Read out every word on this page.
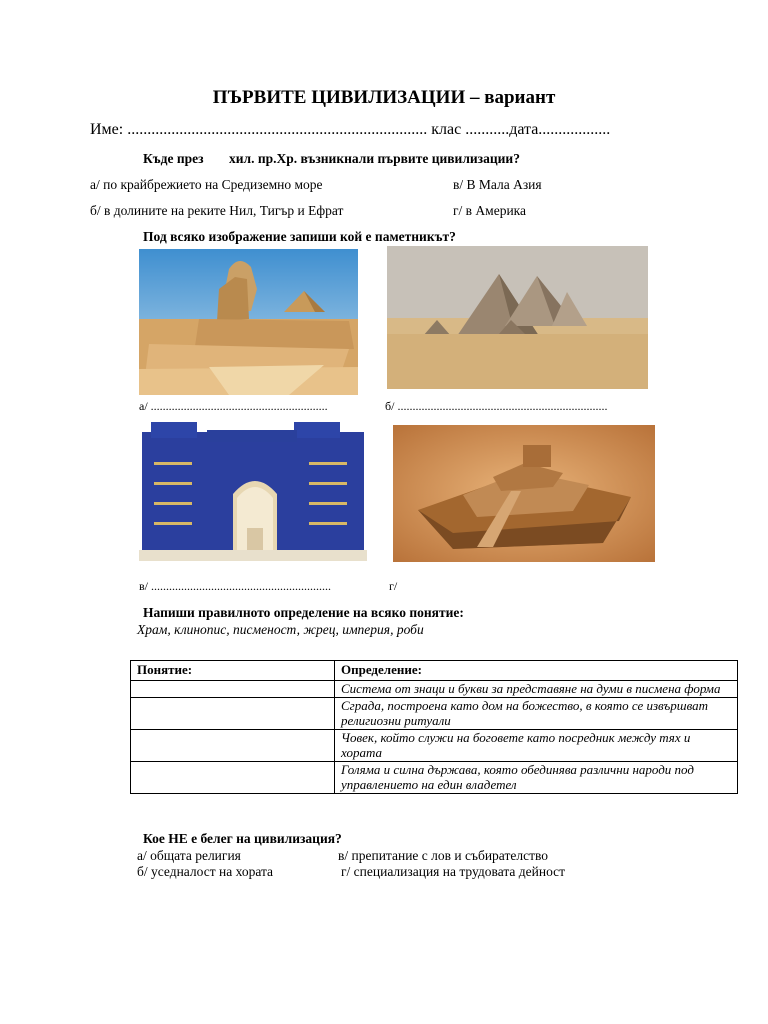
ПЪРВИТЕ ЦИВИЛИЗАЦИИ – вариант
Име: ........................................................................... клас ...........дата..................
Къде през хил. пр.Хр. възникнали първите цивилизации?
а/ по крайбрежието на Средиземно море
б/ в долините на реките Нил, Тигър и Ефрат
в/ В Мала Азия
г/ в Америка
Под всяко изображение запиши кой е паметникът?
а/ ...........................................................	б/ ......................................................................
в/ ............................................................	г/
Напиши правилното определение на всяко понятие:
Храм, клинопис, писменост, жрец, империя, роби
Понятие:	Определение:
	Система от знаци и букви за представяне на думи в писмена форма
	Сграда, построена като дом на божество, в която се извършват религиозни ритуали
	Човек, който служи на боговете като посредник между тях и хората
	Голяма и силна държава, която обединява различни народи под управлението на един владетел
Кое НЕ е белег на цивилизация?
а/ общата религия
б/ уседналост на хората
в/ препитание с лов и събирателство
г/ специализация на трудовата дейност
